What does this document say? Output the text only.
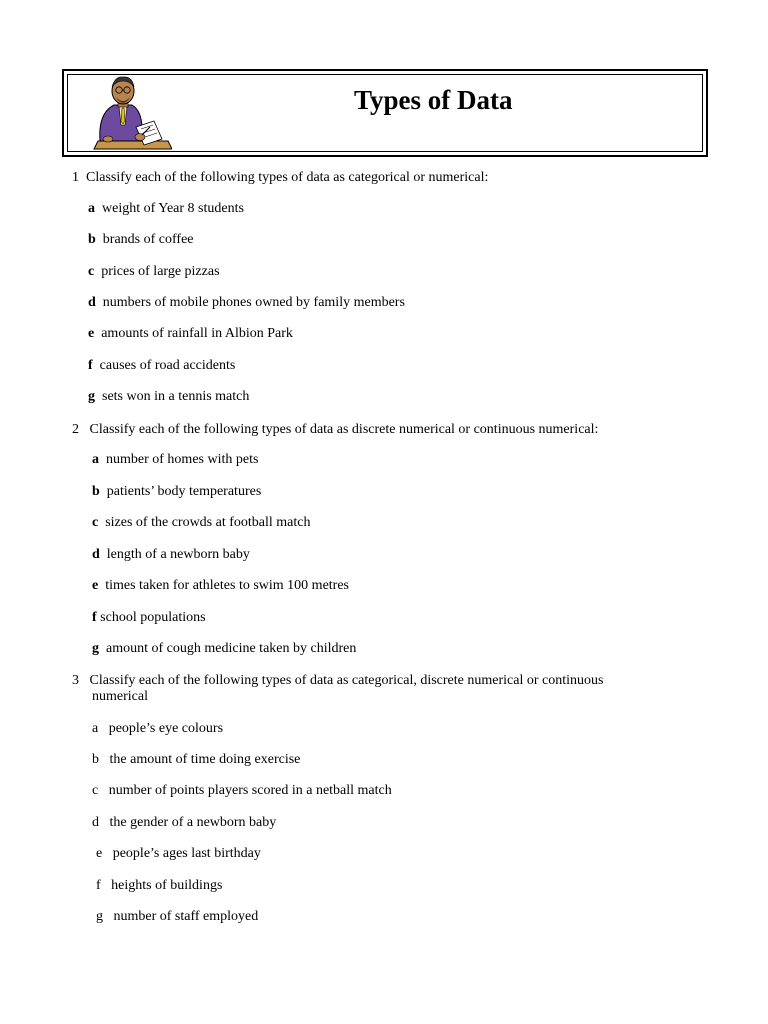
Types of Data
1 Classify each of the following types of data as categorical or numerical:
a weight of Year 8 students
b brands of coffee
c prices of large pizzas
d numbers of mobile phones owned by family members
e amounts of rainfall in Albion Park
f causes of road accidents
g sets won in a tennis match
2 Classify each of the following types of data as discrete numerical or continuous numerical:
a number of homes with pets
b patients’ body temperatures
c sizes of the crowds at football match
d length of a newborn baby
e times taken for athletes to swim 100 metres
f school populations
g amount of cough medicine taken by children
3 Classify each of the following types of data as categorical, discrete numerical or continuous
numerical
a people’s eye colours
b the amount of time doing exercise
c number of points players scored in a netball match
d the gender of a newborn baby
e people’s ages last birthday
f heights of buildings
g number of staff employed
